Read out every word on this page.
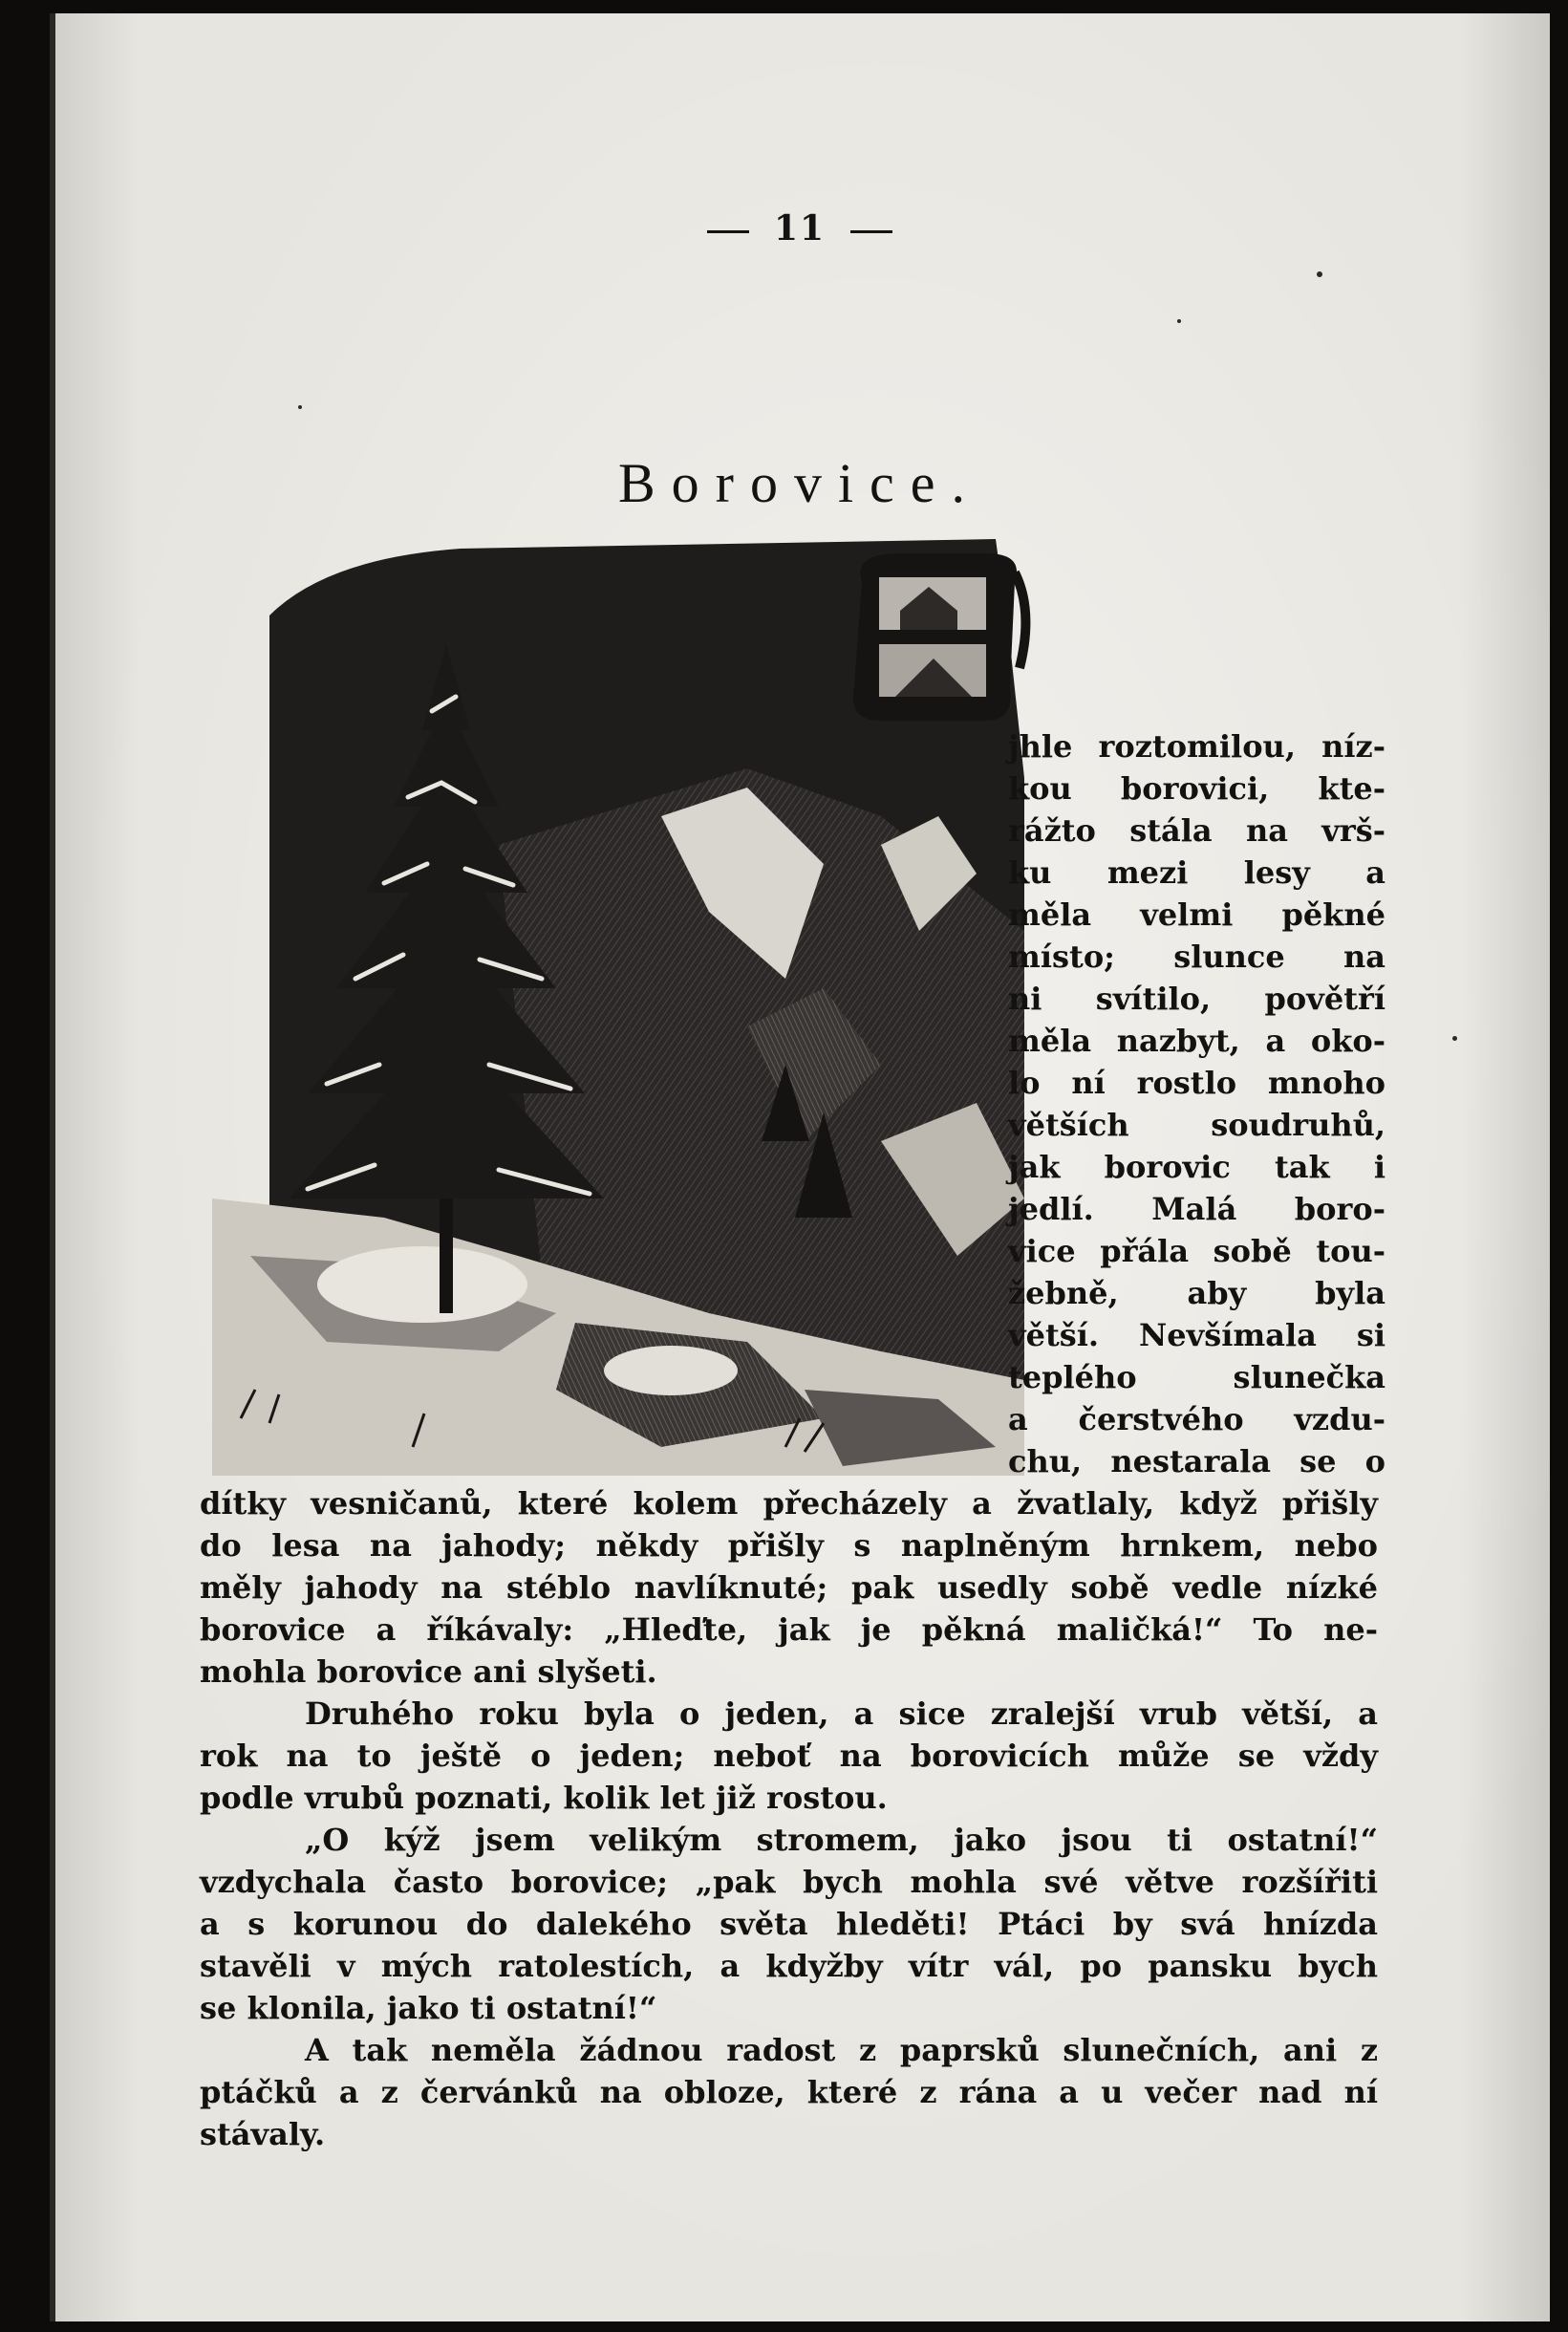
11
Borovice.
jhle roztomilou, níz-
kou borovici, kte-
rážto stála na vrš-
ku mezi lesy a
měla velmi pěkné
místo; slunce na
ni svítilo, povětří
měla nazbyt, a oko-
lo ní rostlo mnoho
větších soudruhů,
jak borovic tak i
jedlí. Malá boro-
vice přála sobě tou-
žebně, aby byla
větší. Nevšímala si
teplého slunečka
a čerstvého vzdu-
chu, nestarala se o
dítky vesničanů, které kolem přecházely a žvatlaly, když přišly
do lesa na jahody; někdy přišly s naplněným hrnkem, nebo
měly jahody na stéblo navlíknuté; pak usedly sobě vedle nízké
borovice a říkávaly: „Hleďte, jak je pěkná maličká!“ To ne-
mohla borovice ani slyšeti.
Druhého roku byla o jeden, a sice zralejší vrub větší, a
rok na to ještě o jeden; neboť na borovicích může se vždy
podle vrubů poznati, kolik let již rostou.
„O kýž jsem velikým stromem, jako jsou ti ostatní!“
vzdychala často borovice; „pak bych mohla své větve rozšířiti
a s korunou do dalekého světa hleděti! Ptáci by svá hnízda
stavěli v mých ratolestích, a kdyžby vítr vál, po pansku bych
se klonila, jako ti ostatní!“
A tak neměla žádnou radost z paprsků slunečních, ani z
ptáčků a z červánků na obloze, které z rána a u večer nad ní
stávaly.
